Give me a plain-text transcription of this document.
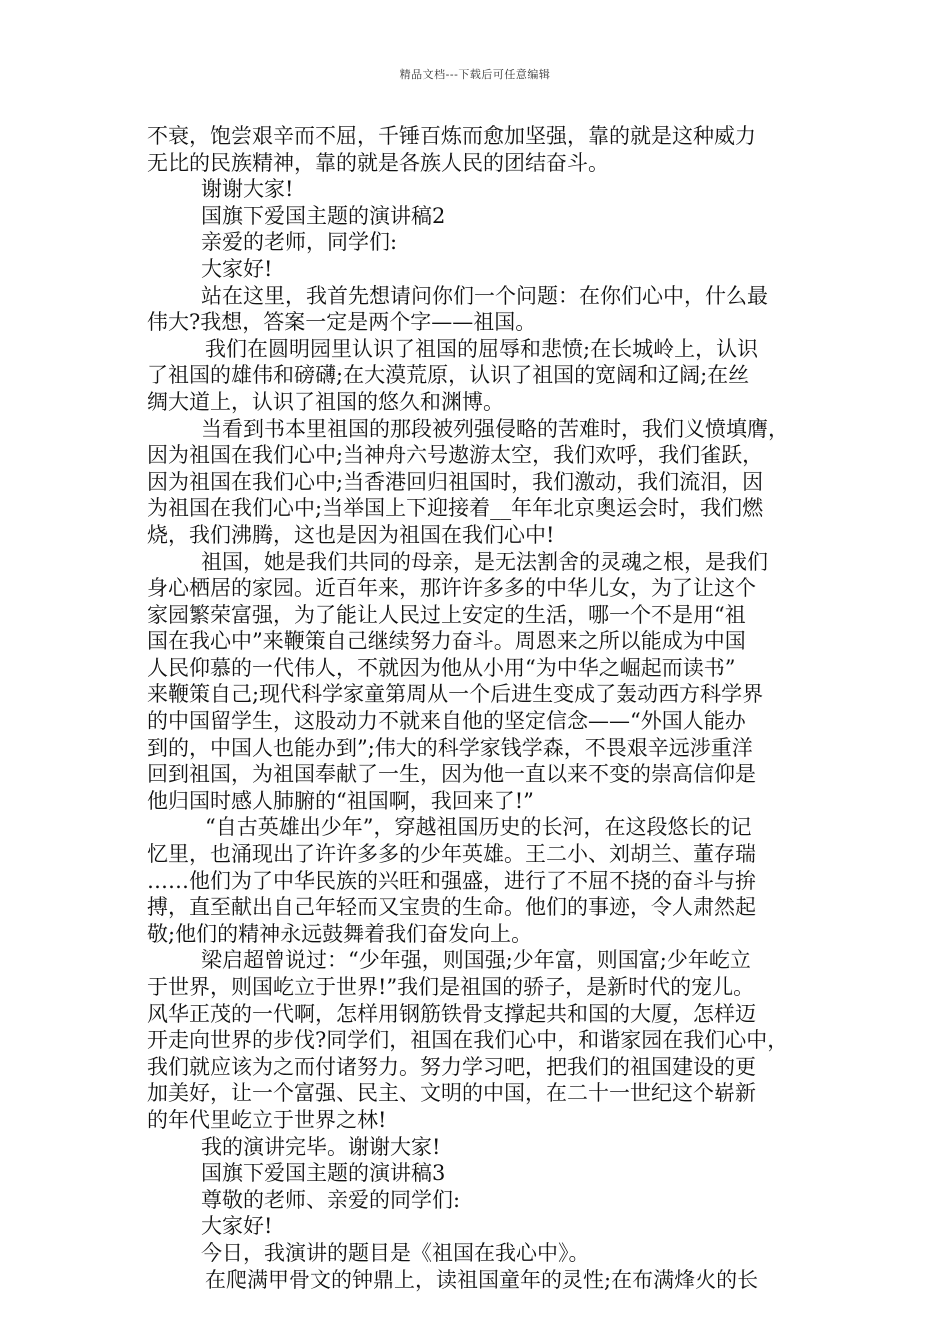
精品文档---下载后可任意编辑
不衰，饱尝艰辛而不屈，千锤百炼而愈加坚强，靠的就是这种威力
无比的民族精神，靠的就是各族人民的团结奋斗。
谢谢大家!
国旗下爱国主题的演讲稿2
亲爱的老师，同学们:
大家好!
站在这里，我首先想请问你们一个问题：在你们心中，什么最
伟大?我想，答案一定是两个字——祖国。
我们在圆明园里认识了祖国的屈辱和悲愤;在长城岭上，认识
了祖国的雄伟和磅礴;在大漠荒原，认识了祖国的宽阔和辽阔;在丝
绸大道上，认识了祖国的悠久和渊博。
当看到书本里祖国的那段被列强侵略的苦难时，我们义愤填膺，
因为祖国在我们心中;当神舟六号遨游太空，我们欢呼，我们雀跃，
因为祖国在我们心中;当香港回归祖国时，我们激动，我们流泪，因
为祖国在我们心中;当举国上下迎接着__年年北京奥运会时，我们燃
烧，我们沸腾，这也是因为祖国在我们心中!
祖国，她是我们共同的母亲，是无法割舍的灵魂之根，是我们
身心栖居的家园。近百年来，那许许多多的中华儿女，为了让这个
家园繁荣富强，为了能让人民过上安定的生活，哪一个不是用“祖
国在我心中”来鞭策自己继续努力奋斗。周恩来之所以能成为中国
人民仰慕的一代伟人，不就因为他从小用“为中华之崛起而读书”
来鞭策自己;现代科学家童第周从一个后进生变成了轰动西方科学界
的中国留学生，这股动力不就来自他的坚定信念——“外国人能办
到的，中国人也能办到”;伟大的科学家钱学森，不畏艰辛远涉重洋
回到祖国，为祖国奉献了一生，因为他一直以来不变的崇高信仰是
他归国时感人肺腑的“祖国啊，我回来了!”
“自古英雄出少年”，穿越祖国历史的长河，在这段悠长的记
忆里，也涌现出了许许多多的少年英雄。王二小、刘胡兰、董存瑞
……他们为了中华民族的兴旺和强盛，进行了不屈不挠的奋斗与拚
搏，直至献出自己年轻而又宝贵的生命。他们的事迹，令人肃然起
敬;他们的精神永远鼓舞着我们奋发向上。
梁启超曾说过：“少年强，则国强;少年富，则国富;少年屹立
于世界，则国屹立于世界!”我们是祖国的骄子，是新时代的宠儿。
风华正茂的一代啊，怎样用钢筋铁骨支撑起共和国的大厦，怎样迈
开走向世界的步伐?同学们，祖国在我们心中，和谐家园在我们心中，
我们就应该为之而付诸努力。努力学习吧，把我们的祖国建设的更
加美好，让一个富强、民主、文明的中国，在二十一世纪这个崭新
的年代里屹立于世界之林!
我的演讲完毕。谢谢大家!
国旗下爱国主题的演讲稿3
尊敬的老师、亲爱的同学们:
大家好!
今日，我演讲的题目是《祖国在我心中》。
在爬满甲骨文的钟鼎上，读祖国童年的灵性;在布满烽火的长
